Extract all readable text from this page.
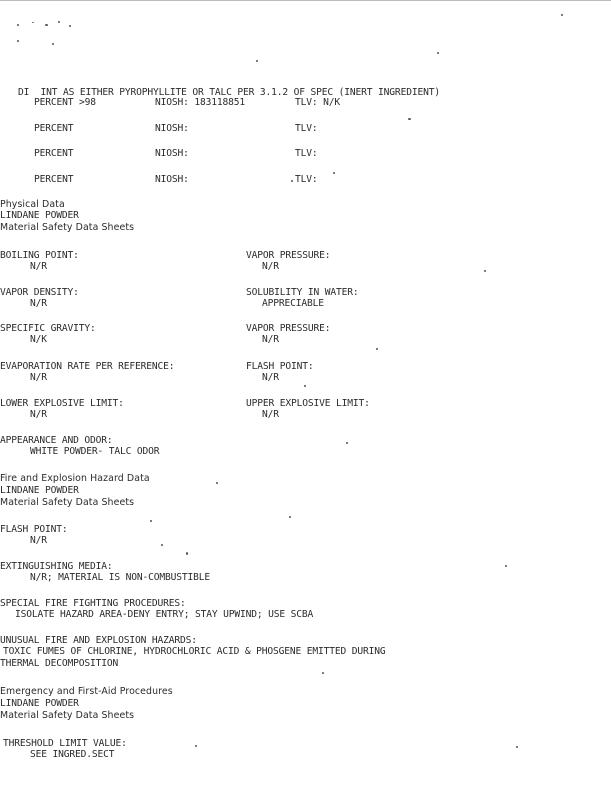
DI  INT AS EITHER PYROPHYLLITE OR TALC PER 3.1.2 OF SPEC (INERT INGREDIENT)
PERCENT >98	NIOSH: 183118851	TLV: N/K
PERCENT	NIOSH:	TLV:
PERCENT	NIOSH:	TLV:
PERCENT	NIOSH:	TLV:
Physical Data
LINDANE POWDER
Material Safety Data Sheets
BOILING POINT:
N/R
VAPOR PRESSURE:
N/R
VAPOR DENSITY:
N/R
SOLUBILITY IN WATER:
APPRECIABLE
SPECIFIC GRAVITY:
N/K
VAPOR PRESSURE:
N/R
EVAPORATION RATE PER REFERENCE:
N/R
FLASH POINT:
N/R
LOWER EXPLOSIVE LIMIT:
N/R
UPPER EXPLOSIVE LIMIT:
N/R
APPEARANCE AND ODOR:
WHITE POWDER- TALC ODOR
Fire and Explosion Hazard Data
LINDANE POWDER
Material Safety Data Sheets
FLASH POINT:
N/R
EXTINGUISHING MEDIA:
N/R; MATERIAL IS NON-COMBUSTIBLE
SPECIAL FIRE FIGHTING PROCEDURES:
ISOLATE HAZARD AREA-DENY ENTRY; STAY UPWIND; USE SCBA
UNUSUAL FIRE AND EXPLOSION HAZARDS:
TOXIC FUMES OF CHLORINE, HYDROCHLORIC ACID & PHOSGENE EMITTED DURING
THERMAL DECOMPOSITION
Emergency and First-Aid Procedures
LINDANE POWDER
Material Safety Data Sheets
THRESHOLD LIMIT VALUE:
SEE INGRED.SECT
